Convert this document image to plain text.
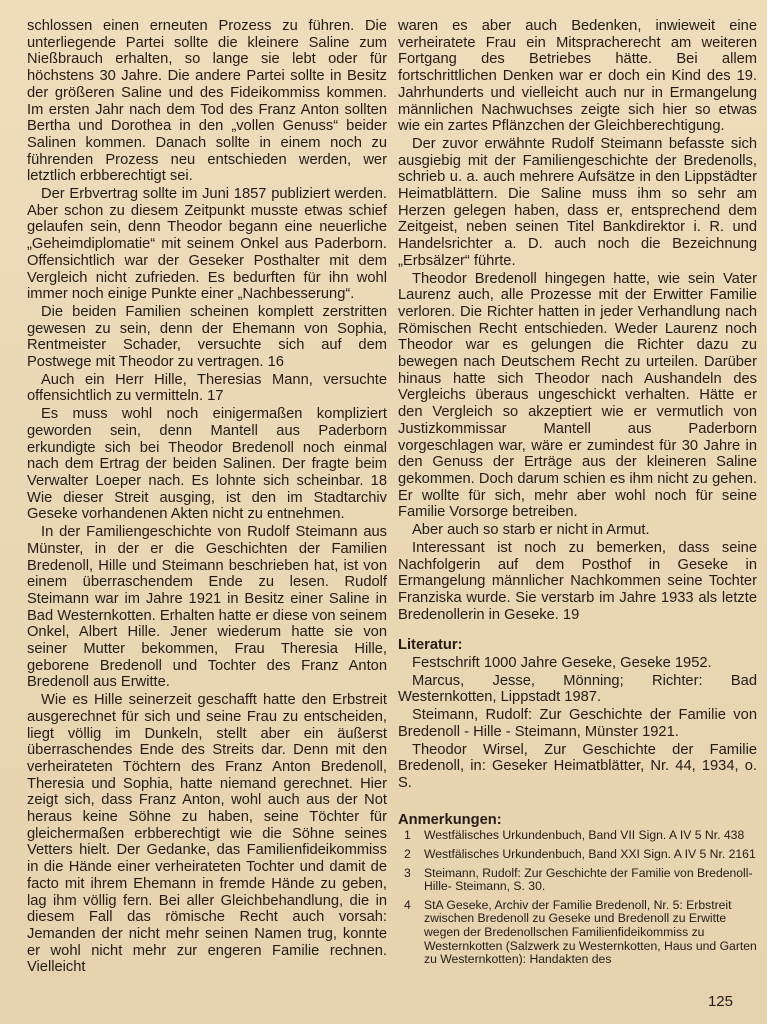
schlossen einen erneuten Prozess zu führen. Die unterliegende Partei sollte die kleinere Saline zum Nießbrauch erhalten, so lange sie lebt oder für höchstens 30 Jahre. Die andere Partei sollte in Besitz der größeren Saline und des Fideikommiss kommen. Im ersten Jahr nach dem Tod des Franz Anton sollten Bertha und Dorothea in den „vollen Genuss“ beider Salinen kommen. Danach sollte in einem noch zu führenden Prozess neu entschieden werden, wer letztlich erbberechtigt sei.

Der Erbvertrag sollte im Juni 1857 publiziert werden. Aber schon zu diesem Zeitpunkt musste etwas schief gelaufen sein, denn Theodor begann eine neuerliche „Geheimdiplomatie“ mit seinem Onkel aus Paderborn. Offensichtlich war der Geseker Posthalter mit dem Vergleich nicht zufrieden. Es bedurften für ihn wohl immer noch einige Punkte einer „Nachbesserung“.

Die beiden Familien scheinen komplett zerstritten gewesen zu sein, denn der Ehemann von Sophia, Rentmeister Schader, versuchte sich auf dem Postwege mit Theodor zu vertragen. 16

Auch ein Herr Hille, Theresias Mann, versuchte offensichtlich zu vermitteln. 17

Es muss wohl noch einigermaßen kompliziert geworden sein, denn Mantell aus Paderborn erkundigte sich bei Theodor Bredenoll noch einmal nach dem Ertrag der beiden Salinen. Der fragte beim Verwalter Loeper nach. Es lohnte sich scheinbar. 18 Wie dieser Streit ausging, ist den im Stadtarchiv Geseke vorhandenen Akten nicht zu entnehmen.

In der Familiengeschichte von Rudolf Steimann aus Münster, in der er die Geschichten der Familien Bredenoll, Hille und Steimann beschrieben hat, ist von einem überraschendem Ende zu lesen. Rudolf Steimann war im Jahre 1921 in Besitz einer Saline in Bad Westernkotten. Erhalten hatte er diese von seinem Onkel, Albert Hille. Jener wiederum hatte sie von seiner Mutter bekommen, Frau Theresia Hille, geborene Bredenoll und Tochter des Franz Anton Bredenoll aus Erwitte.

Wie es Hille seinerzeit geschafft hatte den Erbstreit ausgerechnet für sich und seine Frau zu entscheiden, liegt völlig im Dunkeln, stellt aber ein äußerst überraschendes Ende des Streits dar. Denn mit den verheirateten Töchtern des Franz Anton Bredenoll, Theresia und Sophia, hatte niemand gerechnet. Hier zeigt sich, dass Franz Anton, wohl auch aus der Not heraus keine Söhne zu haben, seine Töchter für gleichermaßen erbberechtigt wie die Söhne seines Vetters hielt. Der Gedanke, das Familienfideikommiss in die Hände einer verheirateten Tochter und damit de facto mit ihrem Ehemann in fremde Hände zu geben, lag ihm völlig fern. Bei aller Gleichbehandlung, die in diesem Fall das römische Recht auch vorsah: Jemanden der nicht mehr seinen Namen trug, konnte er wohl nicht mehr zur engeren Familie rechnen. Vielleicht

waren es aber auch Bedenken, inwieweit eine verheiratete Frau ein Mitspracherecht am weiteren Fortgang des Betriebes hätte. Bei allem fortschrittlichen Denken war er doch ein Kind des 19. Jahrhunderts und vielleicht auch nur in Ermangelung männlichen Nachwuchses zeigte sich hier so etwas wie ein zartes Pflänzchen der Gleichberechtigung.

Der zuvor erwähnte Rudolf Steimann befasste sich ausgiebig mit der Familiengeschichte der Bredenolls, schrieb u. a. auch mehrere Aufsätze in den Lippstädter Heimatblättern. Die Saline muss ihm so sehr am Herzen gelegen haben, dass er, entsprechend dem Zeitgeist, neben seinen Titel Bankdirektor i. R. und Handelsrichter a. D. auch noch die Bezeichnung „Erbsälzer“ führte.

Theodor Bredenoll hingegen hatte, wie sein Vater Laurenz auch, alle Prozesse mit der Erwitter Familie verloren. Die Richter hatten in jeder Verhandlung nach Römischen Recht entschieden. Weder Laurenz noch Theodor war es gelungen die Richter dazu zu bewegen nach Deutschem Recht zu urteilen. Darüber hinaus hatte sich Theodor nach Aushandeln des Vergleichs überaus ungeschickt verhalten. Hätte er den Vergleich so akzeptiert wie er vermutlich von Justizkommissar Mantell aus Paderborn vorgeschlagen war, wäre er zumindest für 30 Jahre in den Genuss der Erträge aus der kleineren Saline gekommen. Doch darum schien es ihm nicht zu gehen. Er wollte für sich, mehr aber wohl noch für seine Familie Vorsorge betreiben.

Aber auch so starb er nicht in Armut.

Interessant ist noch zu bemerken, dass seine Nachfolgerin auf dem Posthof in Geseke in Ermangelung männlicher Nachkommen seine Tochter Franziska wurde. Sie verstarb im Jahre 1933 als letzte Bredenollerin in Geseke. 19

Literatur:

Festschrift 1000 Jahre Geseke, Geseke 1952.

Marcus, Jesse, Mönning; Richter: Bad Westernkotten, Lippstadt 1987.

Steimann, Rudolf: Zur Geschichte der Familie von Bredenoll - Hille - Steimann, Münster 1921.

Theodor Wirsel, Zur Geschichte der Familie Bredenoll, in: Geseker Heimatblätter, Nr. 44, 1934, o. S.

Anmerkungen:
1	Westfälisches Urkundenbuch, Band VII Sign. A IV 5 Nr. 438
2	Westfälisches Urkundenbuch, Band XXI Sign. A IV 5 Nr. 2161
3	Steimann, Rudolf: Zur Geschichte der Familie von Bredenoll- Hille- Steimann, S. 30.
4	StA Geseke, Archiv der Familie Bredenoll, Nr. 5: Erbstreit zwischen Bredenoll zu Geseke und Bredenoll zu Erwitte wegen der Bredenollschen Familienfideikommiss zu Westernkotten (Salzwerk zu Westernkotten, Haus und Garten zu Westernkotten): Handakten des
125
